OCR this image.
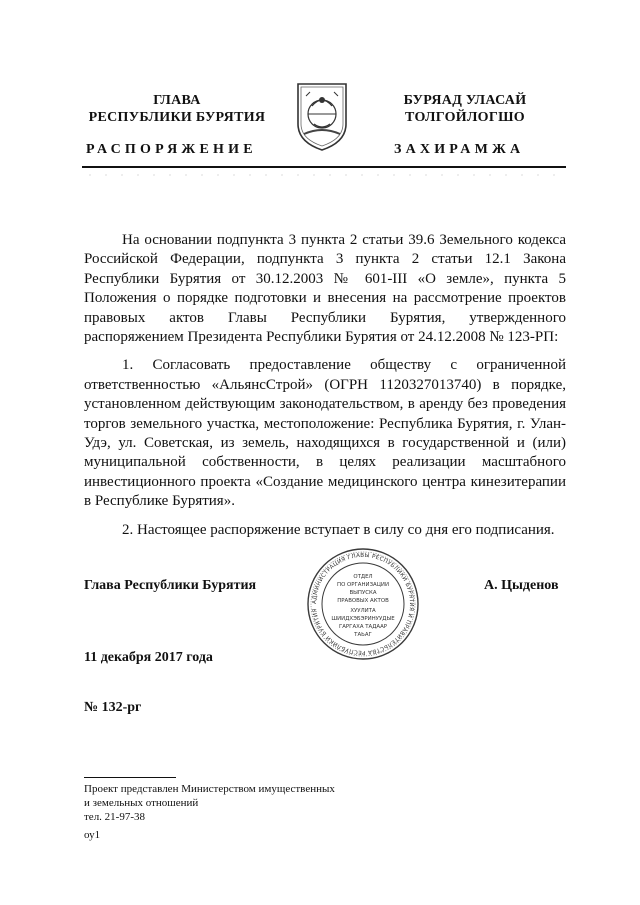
ГЛАВА
РЕСПУБЛИКИ БУРЯТИЯ
РАСПОРЯЖЕНИЕ
БУРЯАД УЛАСАЙ
ТОЛГОЙЛОГШО
ЗАХИРАМЖА

На основании подпункта 3 пункта 2 статьи 39.6 Земельного кодекса Российской Федерации, подпункта 3 пункта 2 статьи 12.1 Закона Республики Бурятия от 30.12.2003 № 601-III «О земле», пункта 5 Положения о порядке подготовки и внесения на рассмотрение проектов правовых актов Главы Республики Бурятия, утвержденного распоряжением Президента Республики Бурятия от 24.12.2008 № 123-РП:

1. Согласовать предоставление обществу с ограниченной ответственностью «АльянсСтрой» (ОГРН 1120327013740) в порядке, установленном действующим законодательством, в аренду без проведения торгов земельного участка, местоположение: Республика Бурятия, г. Улан-Удэ, ул. Советская, из земель, находящихся в государственной и (или) муниципальной собственности, в целях реализации масштабного инвестиционного проекта «Создание медицинского центра кинезитерапии в Республике Бурятия».

2. Настоящее распоряжение вступает в силу со дня его подписания.

Глава Республики Бурятия	А. Цыденов
АДМИНИСТРАЦИЯ ГЛАВЫ РЕСПУБЛИКИ БУРЯТИЯ И ПРАВИТЕЛЬСТВА РЕСПУБЛИКИ БУРЯТИЯ
ОТДЕЛ
ПО ОРГАНИЗАЦИИ
ВЫПУСКА
ПРАВОВЫХ АКТОВ
ХУУЛИТА
ШИИДХЭБЭРИНУУДЫЕ
ГАРГАХА ТАДААР
ТАЬАГ
11 декабря 2017 года
№ 132-рг
Проект представлен Министерством имущественных
и земельных отношений
тел. 21-97-38
оу1
